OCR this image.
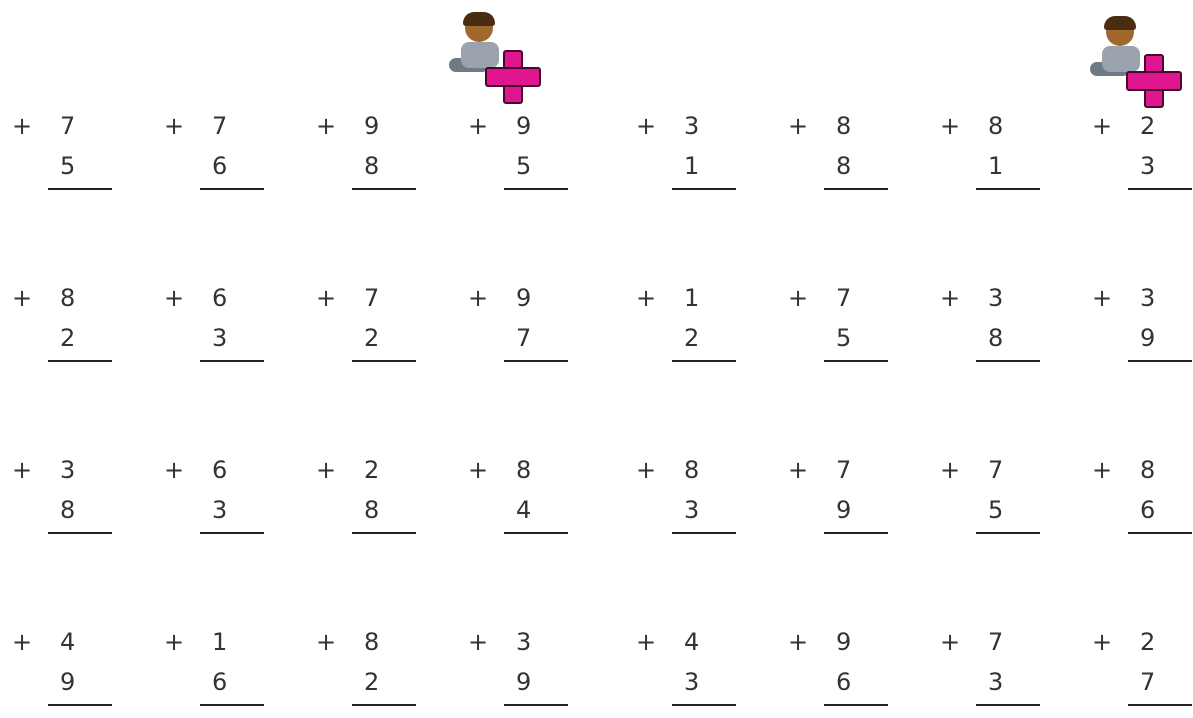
+ 7
5
+ 7
6
+ 9
8
+ 9
5
+ 8
2
+ 6
3
+ 7
2
+ 9
7
+ 3
8
+ 6
3
+ 2
8
+ 8
4
+ 4
9
+ 1
6
+ 8
2
+ 3
9
+ 3
1
+ 8
8
+ 8
1
+ 2
3
+ 1
2
+ 7
5
+ 3
8
+ 3
9
+ 8
3
+ 7
9
+ 7
5
+ 8
6
+ 4
3
+ 9
6
+ 7
3
+ 2
7
